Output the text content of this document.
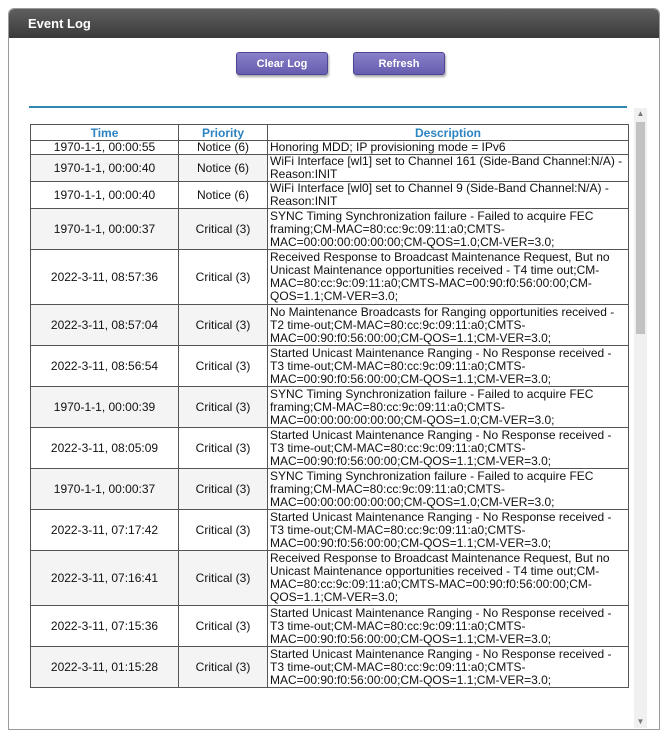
Event Log
Clear Log	Refresh
Time	Priority	Description
1970-1-1, 00:00:55	Notice (6)	Honoring MDD; IP provisioning mode = IPv6
1970-1-1, 00:00:40	Notice (6)	WiFi Interface [wl1] set to Channel 161 (Side-Band Channel:N/A) -Reason:INIT
1970-1-1, 00:00:40	Notice (6)	WiFi Interface [wl0] set to Channel 9 (Side-Band Channel:N/A) -Reason:INIT
1970-1-1, 00:00:37	Critical (3)	SYNC Timing Synchronization failure - Failed to acquire FEC framing;CM-MAC=80:cc:9c:09:11:a0;CMTS-MAC=00:00:00:00:00:00;CM-QOS=1.0;CM-VER=3.0;
2022-3-11, 08:57:36	Critical (3)	Received Response to Broadcast Maintenance Request, But no Unicast Maintenance opportunities received - T4 time out;CM-MAC=80:cc:9c:09:11:a0;CMTS-MAC=00:90:f0:56:00:00;CM-QOS=1.1;CM-VER=3.0;
2022-3-11, 08:57:04	Critical (3)	No Maintenance Broadcasts for Ranging opportunities received - T2 time-out;CM-MAC=80:cc:9c:09:11:a0;CMTS-MAC=00:90:f0:56:00:00;CM-QOS=1.1;CM-VER=3.0;
2022-3-11, 08:56:54	Critical (3)	Started Unicast Maintenance Ranging - No Response received - T3 time-out;CM-MAC=80:cc:9c:09:11:a0;CMTS-MAC=00:90:f0:56:00:00;CM-QOS=1.1;CM-VER=3.0;
1970-1-1, 00:00:39	Critical (3)	SYNC Timing Synchronization failure - Failed to acquire FEC framing;CM-MAC=80:cc:9c:09:11:a0;CMTS-MAC=00:00:00:00:00:00;CM-QOS=1.0;CM-VER=3.0;
2022-3-11, 08:05:09	Critical (3)	Started Unicast Maintenance Ranging - No Response received - T3 time-out;CM-MAC=80:cc:9c:09:11:a0;CMTS-MAC=00:90:f0:56:00:00;CM-QOS=1.1;CM-VER=3.0;
1970-1-1, 00:00:37	Critical (3)	SYNC Timing Synchronization failure - Failed to acquire FEC framing;CM-MAC=80:cc:9c:09:11:a0;CMTS-MAC=00:00:00:00:00:00;CM-QOS=1.0;CM-VER=3.0;
2022-3-11, 07:17:42	Critical (3)	Started Unicast Maintenance Ranging - No Response received - T3 time-out;CM-MAC=80:cc:9c:09:11:a0;CMTS-MAC=00:90:f0:56:00:00;CM-QOS=1.1;CM-VER=3.0;
2022-3-11, 07:16:41	Critical (3)	Received Response to Broadcast Maintenance Request, But no Unicast Maintenance opportunities received - T4 time out;CM-MAC=80:cc:9c:09:11:a0;CMTS-MAC=00:90:f0:56:00:00;CM-QOS=1.1;CM-VER=3.0;
2022-3-11, 07:15:36	Critical (3)	Started Unicast Maintenance Ranging - No Response received - T3 time-out;CM-MAC=80:cc:9c:09:11:a0;CMTS-MAC=00:90:f0:56:00:00;CM-QOS=1.1;CM-VER=3.0;
2022-3-11, 01:15:28	Critical (3)	Started Unicast Maintenance Ranging - No Response received - T3 time-out;CM-MAC=80:cc:9c:09:11:a0;CMTS-MAC=00:90:f0:56:00:00;CM-QOS=1.1;CM-VER=3.0;
▲
▼
